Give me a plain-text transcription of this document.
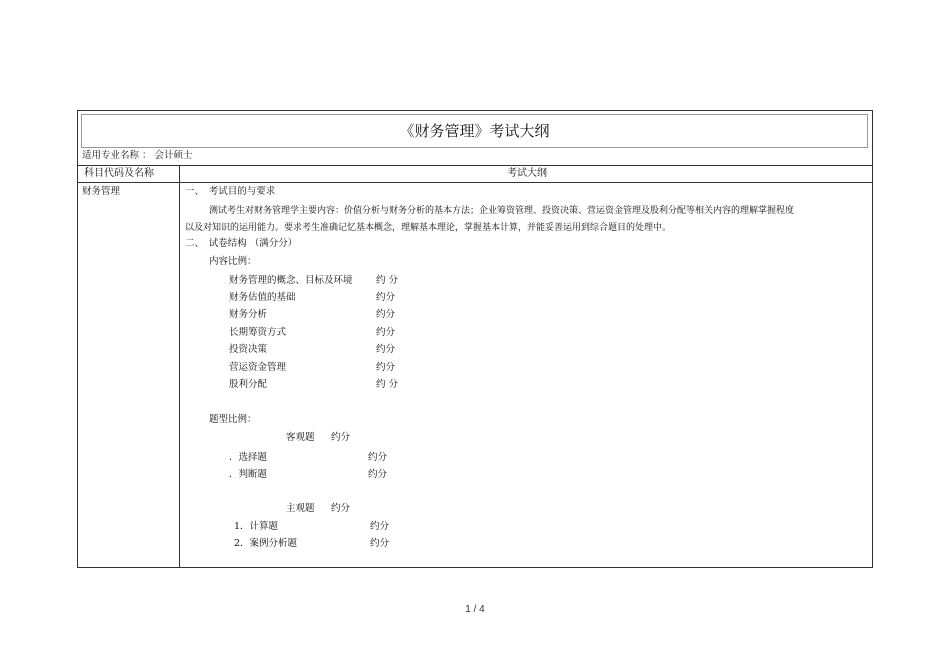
《财务管理》考试大纲
适用专业名称 ： 会计硕士
科目代码及名称	考试大纲
财务管理	一、　考试目的与要求
测试考生对财务管理学主要内容：价值分析与财务分析的基本方法；企业筹资管理、投资决策、营运资金管理及股利分配等相关内容的理解掌握程度
以及对知识的运用能力。要求考生准确记忆基本概念，理解基本理论，掌握基本计算，并能妥善运用到综合题目的处理中。
二、　试卷结构 （满分分）
内容比例：
财务管理的概念、目标及环境 约 分
财务估值的基础	约分
财务分析	约分
长期筹资方式	约分
投资决策	约分
营运资金管理	约分
股利分配	约 分
题型比例：
客观题 约分
．选择题	约分
．判断题	约分
主观题 约分
1．计算题	约分
2．案例分析题	约分
1 / 4
